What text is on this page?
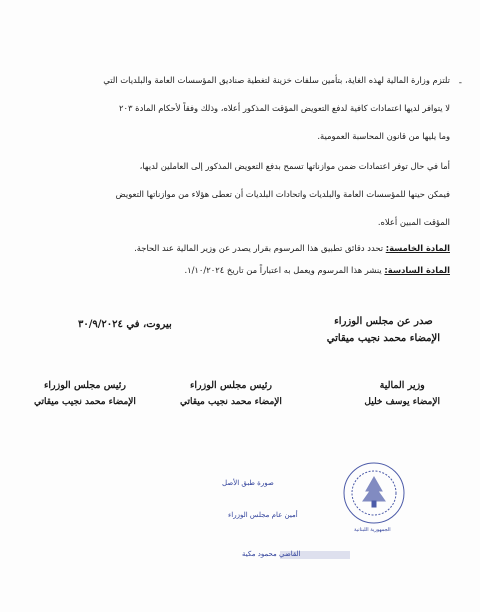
-
تلتزم وزارة المالية لهذه الغاية، بتأمين سلفات خزينة لتغطية صناديق المؤسسات العامة والبلديات التي
لا يتوافر لديها اعتمادات كافية لدفع التعويض المؤقت المذكور أعلاه، وذلك وفقاً لأحكام المادة ٢٠٣
وما يليها من قانون المحاسبة العمومية.
أما في حال توفر اعتمادات ضمن موازناتها تسمح بدفع التعويض المذكور إلى العاملين لديها،
فيمكن حينها للمؤسسات العامة والبلديات واتحادات البلديات أن تعطى هؤلاء من موازناتها التعويض
المؤقت المبين أعلاه.
المادة الخامسة: تحدد دقائق تطبيق هذا المرسوم بقرار يصدر عن وزير المالية عند الحاجة.
المادة السادسة: ينشر هذا المرسوم ويعمل به اعتباراً من تاريخ ١/١٠/٢٠٢٤.
صدر عن مجلس الوزراء
الإمضاء محمد نجيب ميقاتي
بيروت، في ٣٠/٩/٢٠٢٤
رئيس مجلس الوزراء
الإمضاء محمد نجيب ميقاتي
رئيس مجلس الوزراء
الإمضاء محمد نجيب ميقاتي
وزير المالية
الإمضاء يوسف خليل
صورة طبق الأصل
أمين عام مجلس الوزراء
القاضي محمود مكية
الجمهورية اللبنانية
